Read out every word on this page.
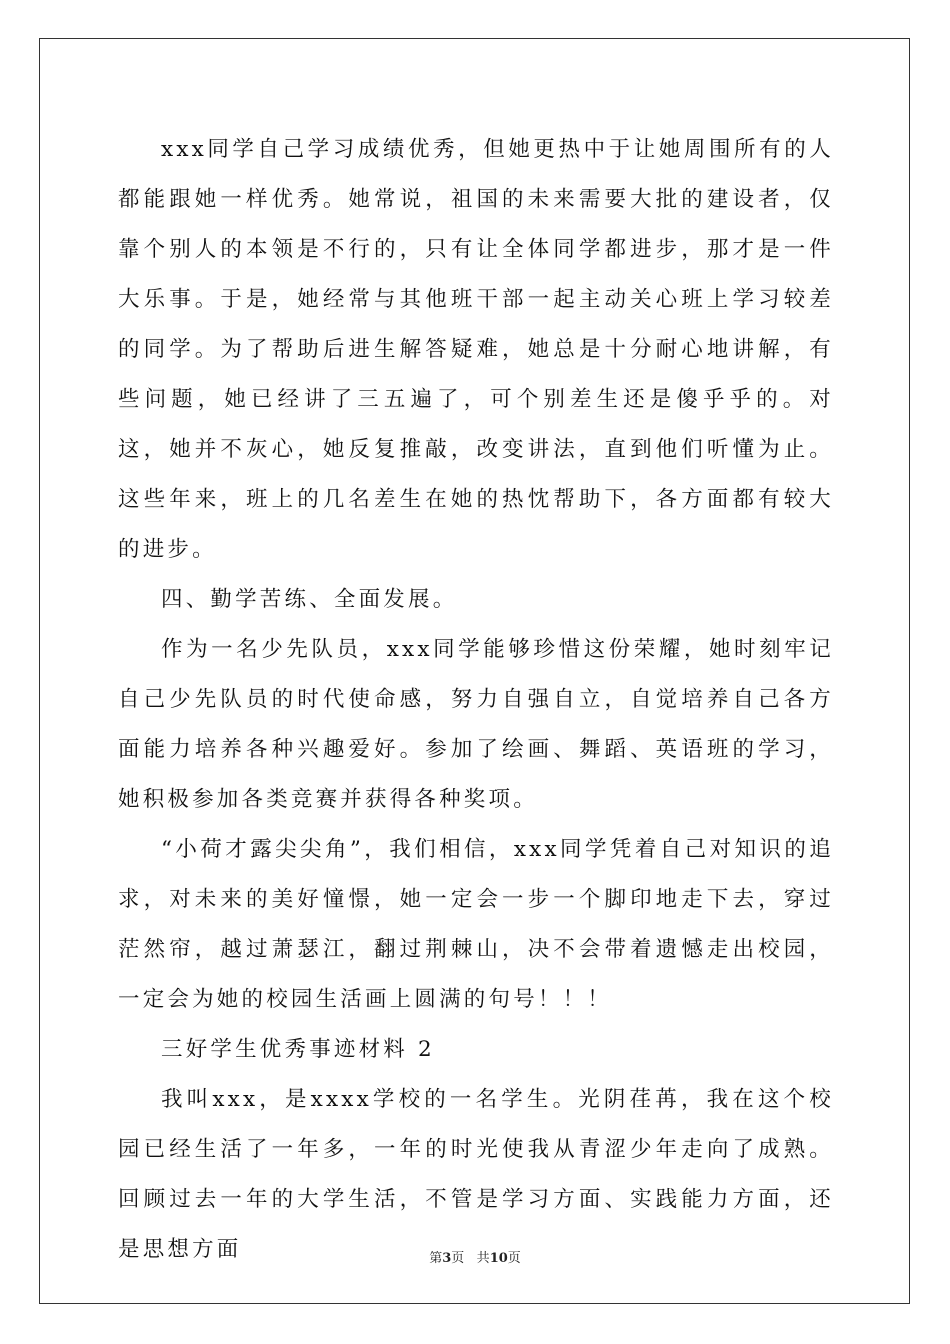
xxx同学自己学习成绩优秀，但她更热中于让她周围所有的人都能跟她一样优秀。她常说，祖国的未来需要大批的建设者，仅靠个别人的本领是不行的，只有让全体同学都进步，那才是一件大乐事。于是，她经常与其他班干部一起主动关心班上学习较差的同学。为了帮助后进生解答疑难，她总是十分耐心地讲解，有些问题，她已经讲了三五遍了，可个别差生还是傻乎乎的。对这，她并不灰心，她反复推敲，改变讲法，直到他们听懂为止。这些年来，班上的几名差生在她的热忱帮助下，各方面都有较大的进步。

四、勤学苦练、全面发展。

作为一名少先队员，xxx同学能够珍惜这份荣耀，她时刻牢记自己少先队员的时代使命感，努力自强自立，自觉培养自己各方面能力培养各种兴趣爱好。参加了绘画、舞蹈、英语班的学习，她积极参加各类竞赛并获得各种奖项。

“小荷才露尖尖角”，我们相信，xxx同学凭着自己对知识的追求，对未来的美好憧憬，她一定会一步一个脚印地走下去，穿过茫然帘，越过萧瑟江，翻过荆棘山，决不会带着遗憾走出校园，一定会为她的校园生活画上圆满的句号！！！

三好学生优秀事迹材料 2

我叫xxx，是xxxx学校的一名学生。光阴荏苒，我在这个校园已经生活了一年多，一年的时光使我从青涩少年走向了成熟。回顾过去一年的大学生活，不管是学习方面、实践能力方面，还是思想方面	第3页 共10页
